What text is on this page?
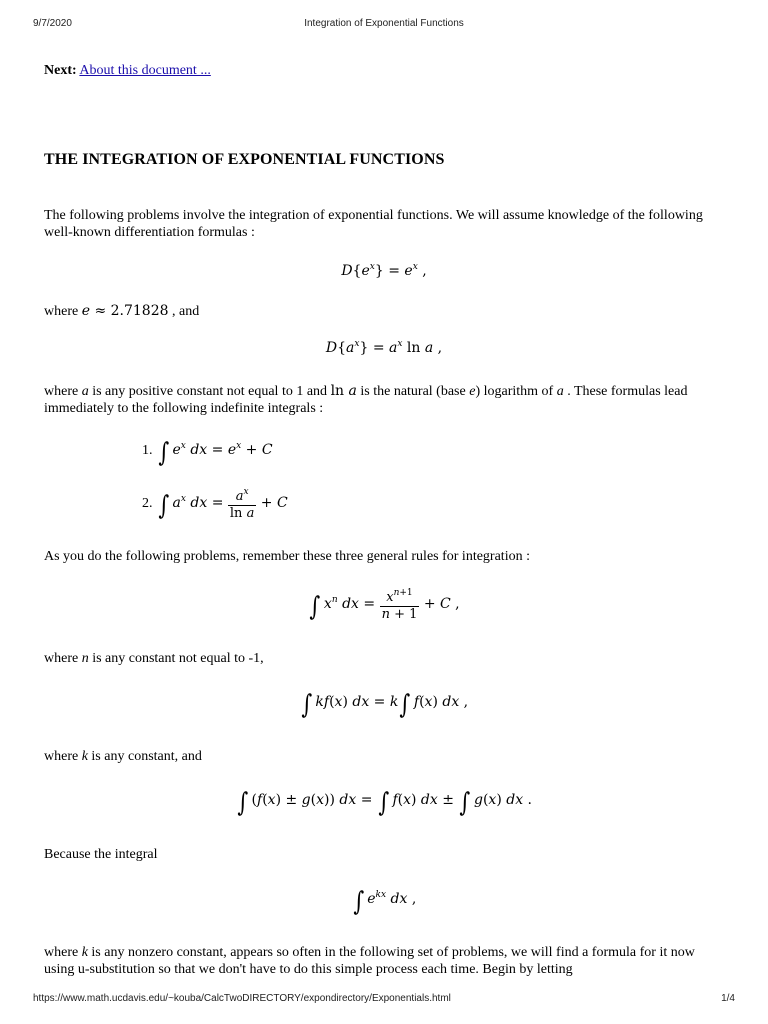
9/7/2020	Integration of Exponential Functions
Next: About this document ...
THE INTEGRATION OF EXPONENTIAL FUNCTIONS
The following problems involve the integration of exponential functions. We will assume knowledge of the following well-known differentiation formulas :
$D\{e^x\} = e^x$ ,
where e ≈ 2.71828 , and
$D\{a^x\} = a^x$ ln a ,
where a is any positive constant not equal to 1 and ln a is the natural (base e) logarithm of a . These formulas lead immediately to the following indefinite integrals :
1. ∫ $e^x$ dx = $e^x + C$
2. ∫ $a^x$ dx = $\frac{a^x}{\text{ln a}} + C$
As you do the following problems, remember these three general rules for integration :
∫ $x^n$ dx = $\frac{x^{n+1}}{n + 1} + C$ ,
where n is any constant not equal to -1,
∫ kf(x) dx = k∫ f(x) dx ,
where k is any constant, and
∫ (f(x) ± g(x)) dx = ∫ f(x) dx ± ∫ g(x) dx .
Because the integral
∫ $e^{kx}$ dx ,
where k is any nonzero constant, appears so often in the following set of problems, we will find a formula for it now using u-substitution so that we don't have to do this simple process each time. Begin by letting
https://www.math.ucdavis.edu/~kouba/CalcTwoDIRECTORY/expondirectory/Exponentials.html	1/4
